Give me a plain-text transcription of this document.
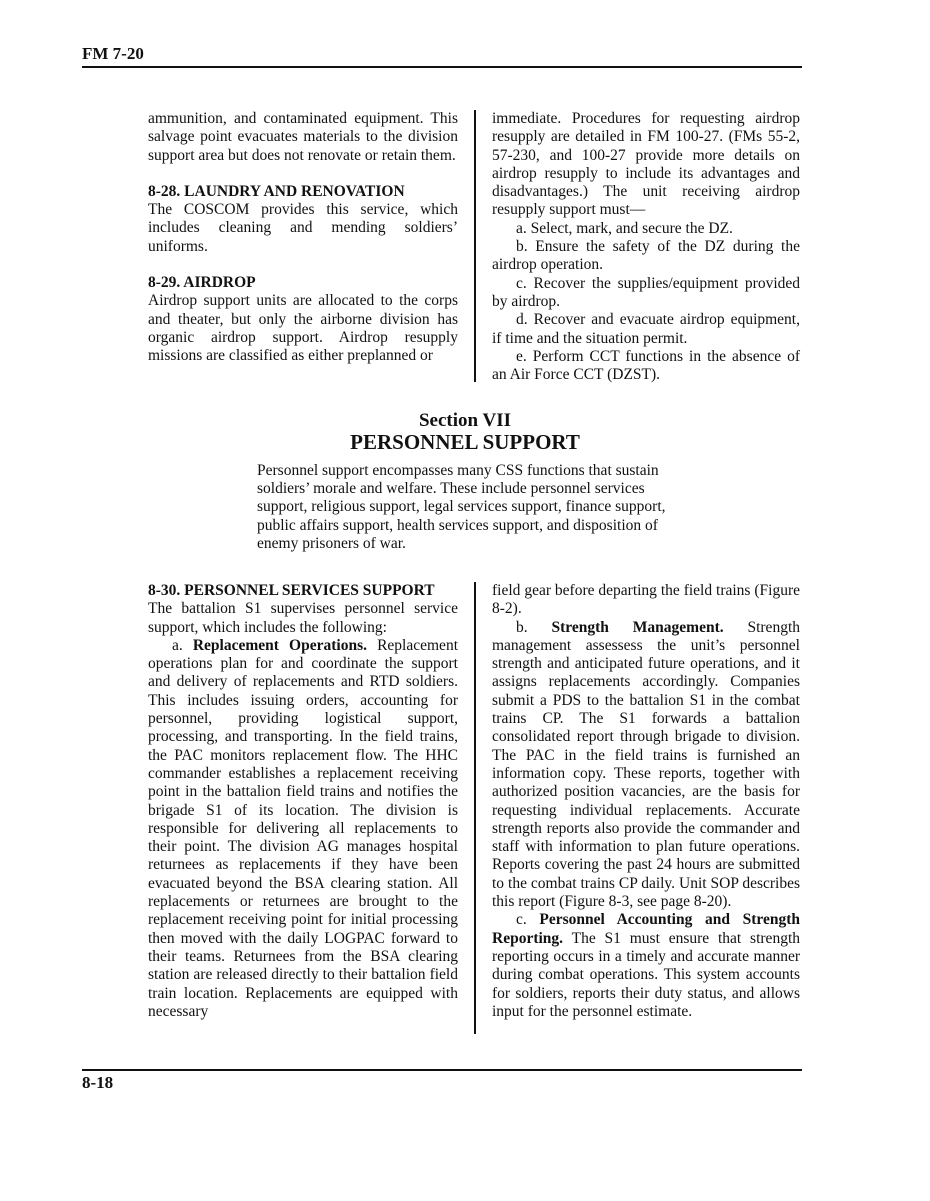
FM 7-20

ammunition, and contaminated equipment. This salvage point evacuates materials to the division support area but does not renovate or retain them.

8-28. LAUNDRY AND RENOVATION

The COSCOM provides this service, which includes cleaning and mending soldiers’ uniforms.

8-29. AIRDROP

Airdrop support units are allocated to the corps and theater, but only the airborne division has organic airdrop support. Airdrop resupply missions are classified as either preplanned or

immediate. Procedures for requesting airdrop resupply are detailed in FM 100-27. (FMs 55-2, 57-230, and 100-27 provide more details on airdrop resupply to include its advantages and disadvantages.) The unit receiving airdrop resupply support must—

a. Select, mark, and secure the DZ.

b. Ensure the safety of the DZ during the airdrop operation.

c. Recover the supplies/equipment provided by airdrop.

d. Recover and evacuate airdrop equipment, if time and the situation permit.

e. Perform CCT functions in the absence of an Air Force CCT (DZST).

Section VII
PERSONNEL SUPPORT
Personnel support encompasses many CSS functions that sustain soldiers’ morale and welfare. These include personnel services support, religious support, legal services support, finance support, public affairs support, health services support, and disposition of enemy prisoners of war.

8-30. PERSONNEL SERVICES SUPPORT

The battalion S1 supervises personnel service support, which includes the following:

a. Replacement Operations. Replacement operations plan for and coordinate the support and delivery of replacements and RTD soldiers. This includes issuing orders, accounting for personnel, providing logistical support, processing, and transporting. In the field trains, the PAC monitors replacement flow. The HHC commander establishes a replacement receiving point in the battalion field trains and notifies the brigade S1 of its location. The division is responsible for delivering all replacements to their point. The division AG manages hospital returnees as replacements if they have been evacuated beyond the BSA clearing station. All replacements or returnees are brought to the replacement receiving point for initial processing then moved with the daily LOGPAC forward to their teams. Returnees from the BSA clearing station are released directly to their battalion field train location. Replacements are equipped with necessary

field gear before departing the field trains (Figure 8-2).

b. Strength Management. Strength management assessess the unit’s personnel strength and anticipated future operations, and it assigns replacements accordingly. Companies submit a PDS to the battalion S1 in the combat trains CP. The S1 forwards a battalion consolidated report through brigade to division. The PAC in the field trains is furnished an information copy. These reports, together with authorized position vacancies, are the basis for requesting individual replacements. Accurate strength reports also provide the commander and staff with information to plan future operations. Reports covering the past 24 hours are submitted to the combat trains CP daily. Unit SOP describes this report (Figure 8-3, see page 8-20).

c. Personnel Accounting and Strength Reporting. The S1 must ensure that strength reporting occurs in a timely and accurate manner during combat operations. This system accounts for soldiers, reports their duty status, and allows input for the personnel estimate.

8-18
